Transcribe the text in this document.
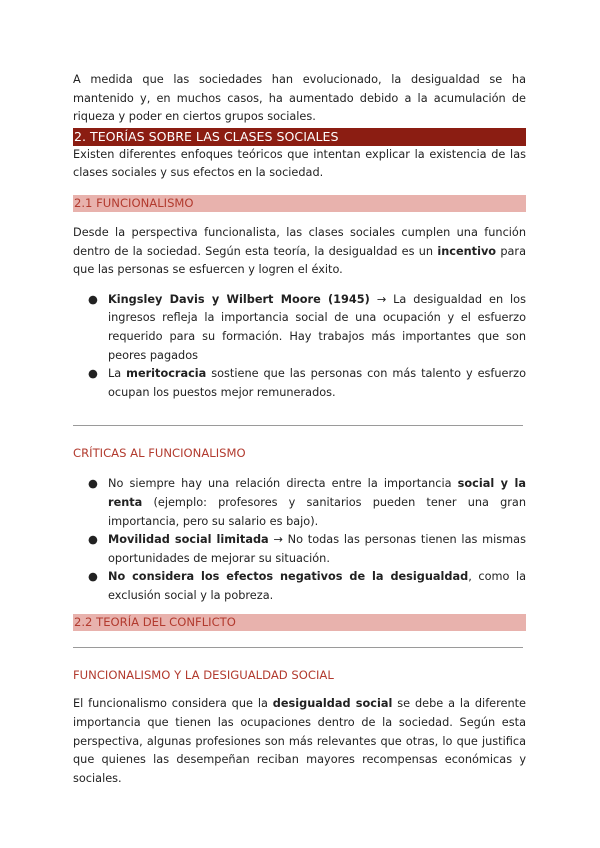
A medida que las sociedades han evolucionado, la desigualdad se ha mantenido y, en muchos casos, ha aumentado debido a la acumulación de riqueza y poder en ciertos grupos sociales.

2. TEORÍAS SOBRE LAS CLASES SOCIALES

Existen diferentes enfoques teóricos que intentan explicar la existencia de las clases sociales y sus efectos en la sociedad.

2.1 FUNCIONALISMO

Desde la perspectiva funcionalista, las clases sociales cumplen una función dentro de la sociedad. Según esta teoría, la desigualdad es un incentivo para que las personas se esfuercen y logren el éxito.

● Kingsley Davis y Wilbert Moore (1945) → La desigualdad en los ingresos refleja la importancia social de una ocupación y el esfuerzo requerido para su formación. Hay trabajos más importantes que son peores pagados
● La meritocracia sostiene que las personas con más talento y esfuerzo ocupan los puestos mejor remunerados.
CRÍTICAS AL FUNCIONALISMO
● No siempre hay una relación directa entre la importancia social y la renta (ejemplo: profesores y sanitarios pueden tener una gran importancia, pero su salario es bajo).
● Movilidad social limitada → No todas las personas tienen las mismas oportunidades de mejorar su situación.
● No considera los efectos negativos de la desigualdad, como la exclusión social y la pobreza.
2.2 TEORÍA DEL CONFLICTO
FUNCIONALISMO Y LA DESIGUALDAD SOCIAL

El funcionalismo considera que la desigualdad social se debe a la diferente importancia que tienen las ocupaciones dentro de la sociedad. Según esta perspectiva, algunas profesiones son más relevantes que otras, lo que justifica que quienes las desempeñan reciban mayores recompensas económicas y sociales.
